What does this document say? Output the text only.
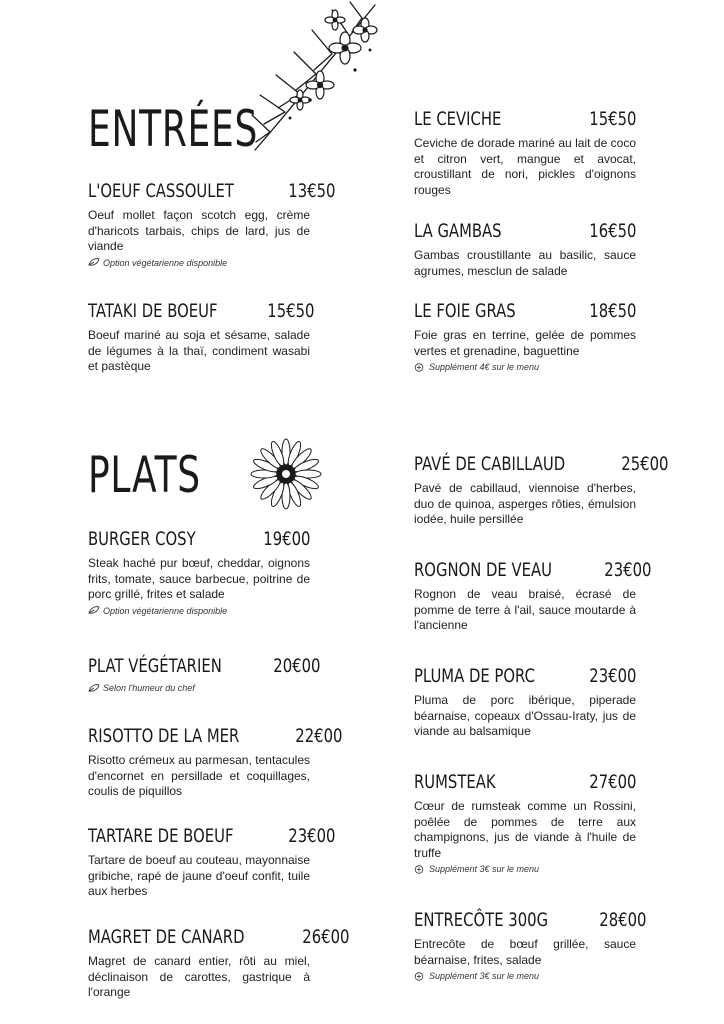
ENTRÉES
PLATS
L'OEUF CASSOULET	13€50
Oeuf mollet façon scotch egg, crème d'haricots tarbais, chips de lard, jus de viande
Option végétarienne disponible
TATAKI DE BOEUF	15€50
Boeuf mariné au soja et sésame, salade de légumes à la thaï, condiment wasabi et pastèque
LE CEVICHE	15€50
Ceviche de dorade mariné au lait de coco et citron vert, mangue et avocat, croustillant de nori, pickles d'oignons rouges
LA GAMBAS	16€50
Gambas croustillante au basilic, sauce agrumes, mesclun de salade
LE FOIE GRAS	18€50
Foie gras en terrine, gelée de pommes vertes et grenadine, baguettine
Supplément 4€ sur le menu
BURGER COSY	19€00
Steak haché pur bœuf, cheddar, oignons frits, tomate, sauce barbecue, poitrine de porc grillé, frites et salade
Option végétarienne disponible
PLAT VÉGÉTARIEN	20€00
Selon l'humeur du chef
RISOTTO DE LA MER	22€00
Risotto crémeux au parmesan, tentacules d'encornet en persillade et coquillages, coulis de piquillos
TARTARE DE BOEUF	23€00
Tartare de boeuf au couteau, mayonnaise gribiche, rapé de jaune d'oeuf confit, tuile aux herbes
MAGRET DE CANARD	26€00
Magret de canard entier, rôti au miel, déclinaison de carottes, gastrique à l'orange
PAVÉ DE CABILLAUD	25€00
Pavé de cabillaud, viennoise d'herbes, duo de quinoa, asperges rôties, émulsion iodée, huile persillée
ROGNON DE VEAU	23€00
Rognon de veau braisé, écrasé de pomme de terre à l'ail, sauce moutarde à l'ancienne
PLUMA DE PORC	23€00
Pluma de porc ibérique, piperade béarnaise, copeaux d'Ossau-Iraty, jus de viande au balsamique
RUMSTEAK	27€00
Cœur de rumsteak comme un Rossini, poêlée de pommes de terre aux champignons, jus de viande à l'huile de truffe
Supplément 3€ sur le menu
ENTRECÔTE 300G	28€00
Entrecôte de bœuf grillée, sauce béarnaise, frites, salade
Supplément 3€ sur le menu
